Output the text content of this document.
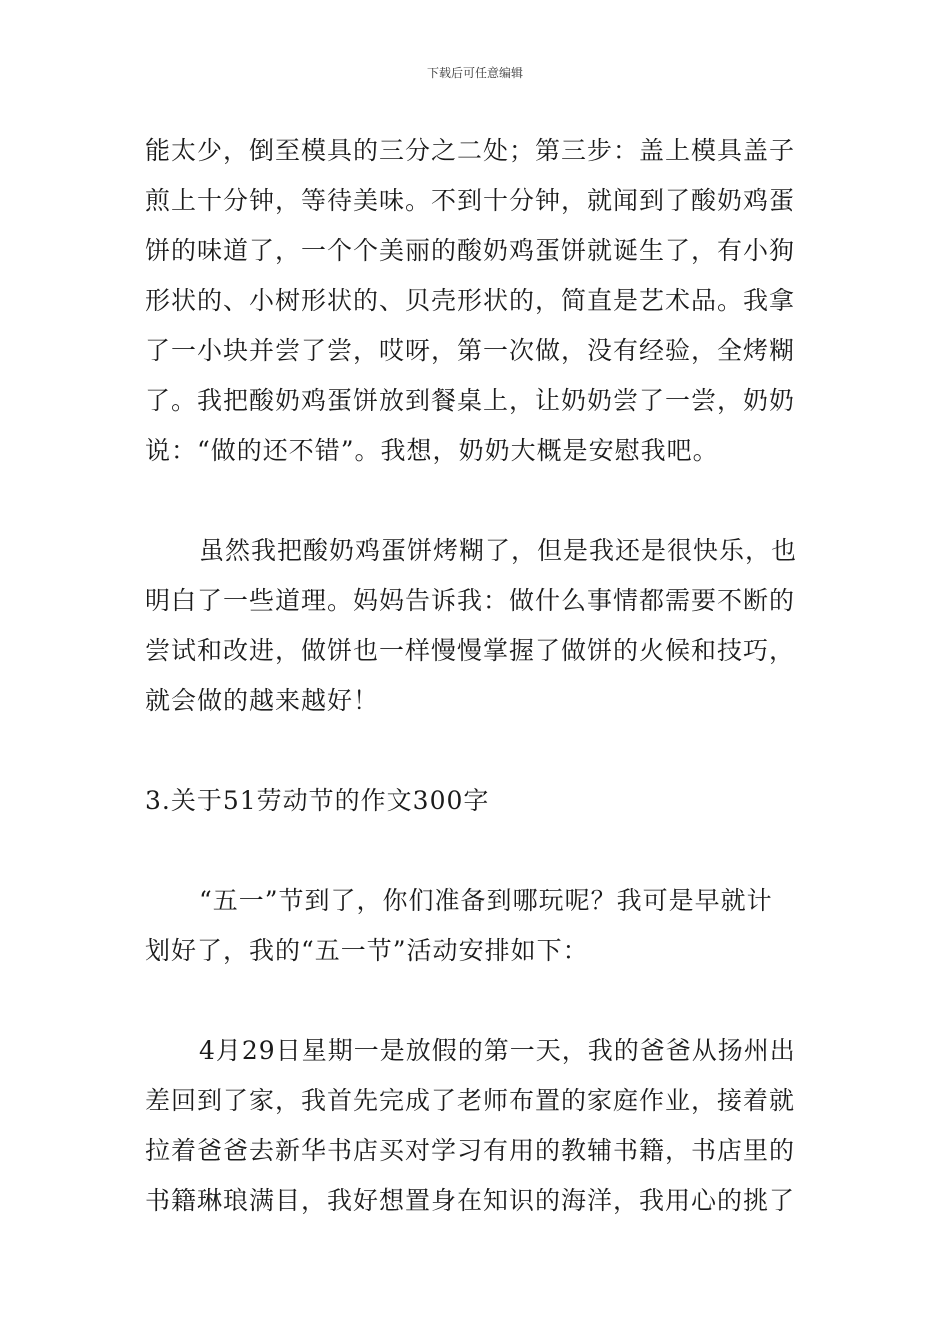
下载后可任意编辑

能太少，倒至模具的三分之二处；第三步：盖上模具盖子
煎上十分钟，等待美味。不到十分钟，就闻到了酸奶鸡蛋
饼的味道了，一个个美丽的酸奶鸡蛋饼就诞生了，有小狗
形状的、小树形状的、贝壳形状的，简直是艺术品。我拿
了一小块并尝了尝，哎呀，第一次做，没有经验，全烤糊
了。我把酸奶鸡蛋饼放到餐桌上，让奶奶尝了一尝，奶奶
说：“做的还不错”。我想，奶奶大概是安慰我吧。

虽然我把酸奶鸡蛋饼烤糊了，但是我还是很快乐，也
明白了一些道理。妈妈告诉我：做什么事情都需要不断的
尝试和改进，做饼也一样慢慢掌握了做饼的火候和技巧，
就会做的越来越好！

3.关于51劳动节的作文300字

“五一”节到了，你们准备到哪玩呢？我可是早就计
划好了，我的“五一节”活动安排如下：

4月29日星期一是放假的第一天，我的爸爸从扬州出
差回到了家，我首先完成了老师布置的家庭作业，接着就
拉着爸爸去新华书店买对学习有用的教辅书籍，书店里的
书籍琳琅满目，我好想置身在知识的海洋，我用心的挑了
